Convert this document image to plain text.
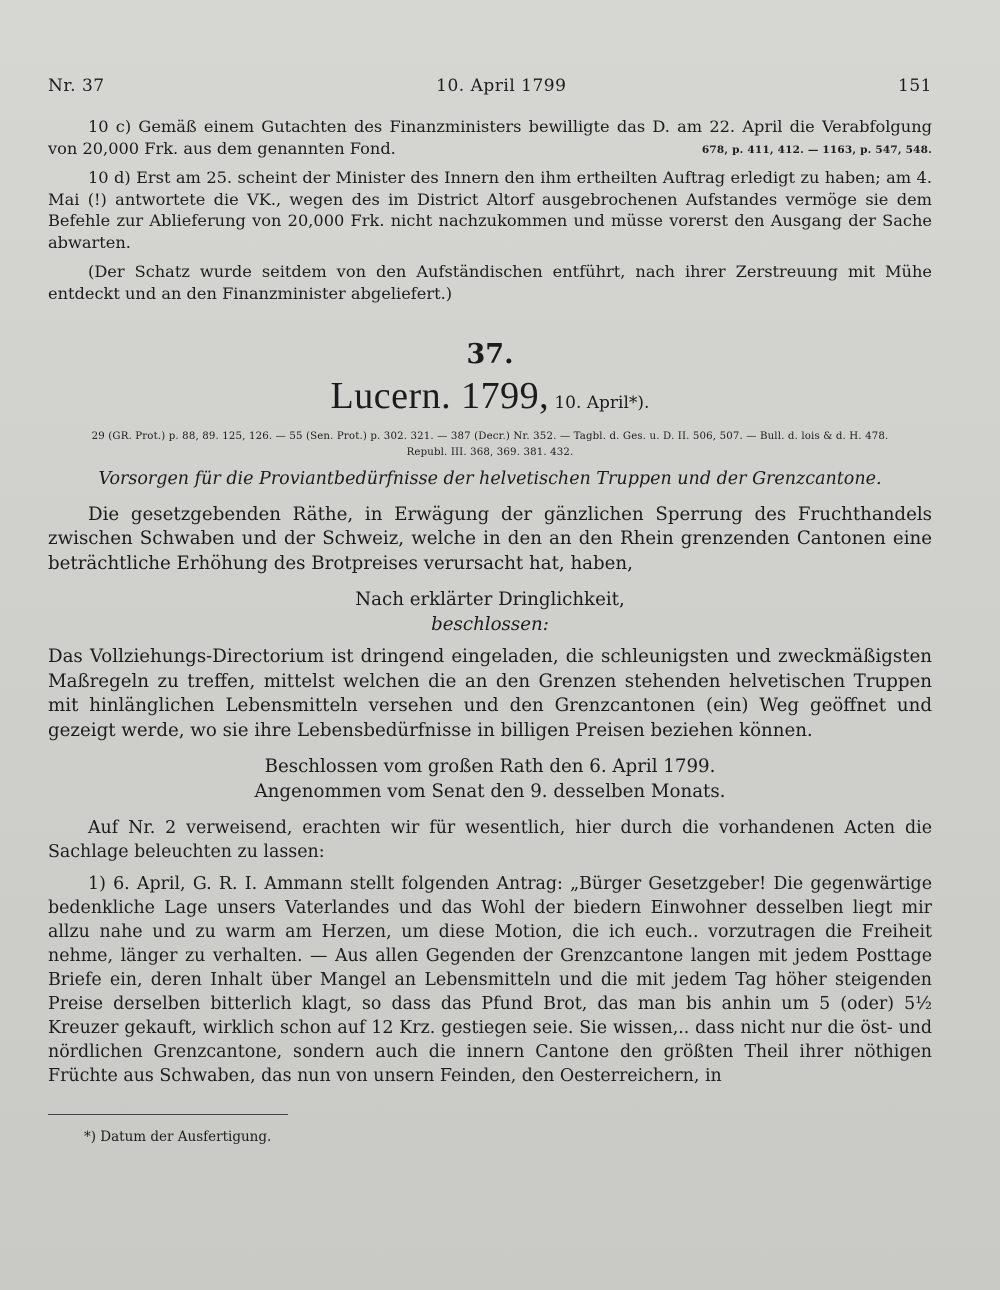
Nr. 37	10. April 1799	151

10 c) Gemäß einem Gutachten des Finanzministers bewilligte das D. am 22. April die Verabfolgung von 20,000 Frk. aus dem genannten Fond.	678, p. 411, 412. — 1163, p. 547, 548.

10 d) Erst am 25. scheint der Minister des Innern den ihm ertheilten Auftrag erledigt zu haben; am 4. Mai (!) antwortete die VK., wegen des im District Altorf ausgebrochenen Aufstandes vermöge sie dem Befehle zur Ablieferung von 20,000 Frk. nicht nachzukommen und müsse vorerst den Ausgang der Sache abwarten.

(Der Schatz wurde seitdem von den Aufständischen entführt, nach ihrer Zerstreuung mit Mühe entdeckt und an den Finanzminister abgeliefert.)

37.
Lucern. 1799, 10. April*).
29 (GR. Prot.) p. 88, 89. 125, 126. — 55 (Sen. Prot.) p. 302. 321. — 387 (Decr.) Nr. 352. — Tagbl. d. Ges. u. D. II. 506, 507. — Bull. d. lois & d. H. 478.
Republ. III. 368, 369. 381. 432.
Vorsorgen für die Proviantbedürfnisse der helvetischen Truppen und der Grenzcantone.

Die gesetzgebenden Räthe, in Erwägung der gänzlichen Sperrung des Fruchthandels zwischen Schwaben und der Schweiz, welche in den an den Rhein grenzenden Cantonen eine beträchtliche Erhöhung des Brotpreises verursacht hat, haben,

Nach erklärter Dringlichkeit,
beschlossen:

Das Vollziehungs-Directorium ist dringend eingeladen, die schleunigsten und zweckmäßigsten Maßregeln zu treffen, mittelst welchen die an den Grenzen stehenden helvetischen Truppen mit hinlänglichen Lebensmitteln versehen und den Grenzcantonen (ein) Weg geöffnet und gezeigt werde, wo sie ihre Lebensbedürfnisse in billigen Preisen beziehen können.

Beschlossen vom großen Rath den 6. April 1799.
Angenommen vom Senat den 9. desselben Monats.

Auf Nr. 2 verweisend, erachten wir für wesentlich, hier durch die vorhandenen Acten die Sachlage beleuchten zu lassen:

1) 6. April, G. R. I. Ammann stellt folgenden Antrag: „Bürger Gesetzgeber! Die gegenwärtige bedenkliche Lage unsers Vaterlandes und das Wohl der biedern Einwohner desselben liegt mir allzu nahe und zu warm am Herzen, um diese Motion, die ich euch.. vorzutragen die Freiheit nehme, länger zu verhalten. — Aus allen Gegenden der Grenzcantone langen mit jedem Posttage Briefe ein, deren Inhalt über Mangel an Lebensmitteln und die mit jedem Tag höher steigenden Preise derselben bitterlich klagt, so dass das Pfund Brot, das man bis anhin um 5 (oder) 5½ Kreuzer gekauft, wirklich schon auf 12 Krz. gestiegen seie. Sie wissen,.. dass nicht nur die öst- und nördlichen Grenzcantone, sondern auch die innern Cantone den größten Theil ihrer nöthigen Früchte aus Schwaben, das nun von unsern Feinden, den Oesterreichern, in

*) Datum der Ausfertigung.
